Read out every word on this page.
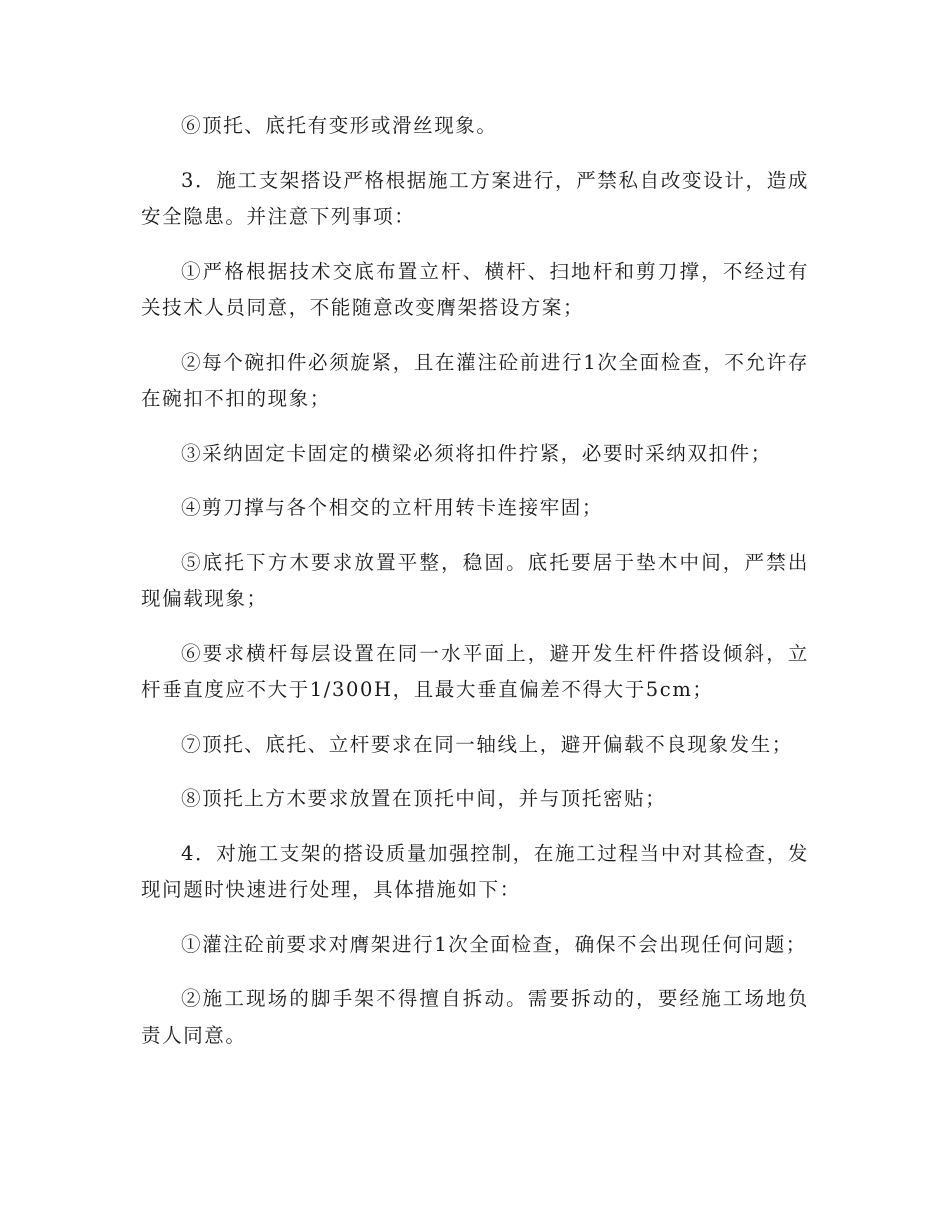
⑥顶托、底托有变形或滑丝现象。

3．施工支架搭设严格根据施工方案进行，严禁私自改变设计，造成安全隐患。并注意下列事项：

①严格根据技术交底布置立杆、横杆、扫地杆和剪刀撑，不经过有关技术人员同意，不能随意改变膺架搭设方案；

②每个碗扣件必须旋紧，且在灌注砼前进行1次全面检查，不允许存在碗扣不扣的现象；

③采纳固定卡固定的横梁必须将扣件拧紧，必要时采纳双扣件；

④剪刀撑与各个相交的立杆用转卡连接牢固；

⑤底托下方木要求放置平整，稳固。底托要居于垫木中间，严禁出现偏载现象；

⑥要求横杆每层设置在同一水平面上，避开发生杆件搭设倾斜，立杆垂直度应不大于1/300H，且最大垂直偏差不得大于5cm；

⑦顶托、底托、立杆要求在同一轴线上，避开偏载不良现象发生；

⑧顶托上方木要求放置在顶托中间，并与顶托密贴；

4．对施工支架的搭设质量加强控制，在施工过程当中对其检查，发现问题时快速进行处理，具体措施如下：

①灌注砼前要求对膺架进行1次全面检查，确保不会出现任何问题；

②施工现场的脚手架不得擅自拆动。需要拆动的，要经施工场地负责人同意。
